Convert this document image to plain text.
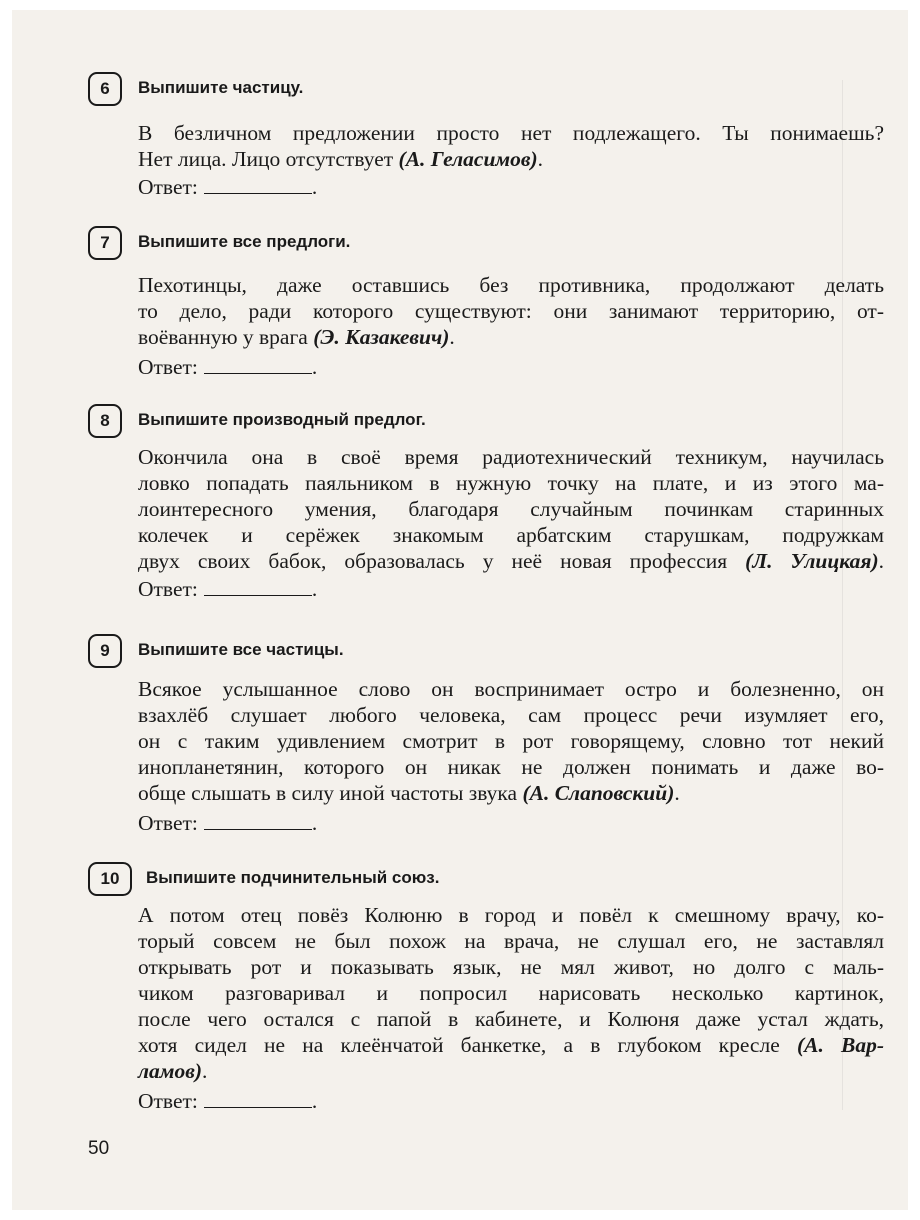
6	Выпишите частицу.
В безличном предложении просто нет подлежащего. Ты понимаешь?
Нет лица. Лицо отсутствует (А. Геласимов).
Ответ:	.
7	Выпишите все предлоги.
Пехотинцы, даже оставшись без противника, продолжают делать
то дело, ради которого существуют: они занимают территорию, от-
воёванную у врага (Э. Казакевич).
Ответ:	.
8	Выпишите производный предлог.
Окончила она в своё время радиотехнический техникум, научилась
ловко попадать паяльником в нужную точку на плате, и из этого ма-
лоинтересного умения, благодаря случайным починкам старинных
колечек и серёжек знакомым арбатским старушкам, подружкам
двух своих бабок, образовалась у неё новая профессия (Л. Улицкая).
Ответ:	.
9	Выпишите все частицы.
Всякое услышанное слово он воспринимает остро и болезненно, он
взахлёб слушает любого человека, сам процесс речи изумляет его,
он с таким удивлением смотрит в рот говорящему, словно тот некий
инопланетянин, которого он никак не должен понимать и даже во-
обще слышать в силу иной частоты звука (А. Слаповский).
Ответ:	.
10	Выпишите подчинительный союз.
А потом отец повёз Колюню в город и повёл к смешному врачу, ко-
торый совсем не был похож на врача, не слушал его, не заставлял
открывать рот и показывать язык, не мял живот, но долго с маль-
чиком разговаривал и попросил нарисовать несколько картинок,
после чего остался с папой в кабинете, и Колюня даже устал ждать,
хотя сидел не на клеёнчатой банкетке, а в глубоком кресле (А. Вар-
ламов).
Ответ:	.
50
